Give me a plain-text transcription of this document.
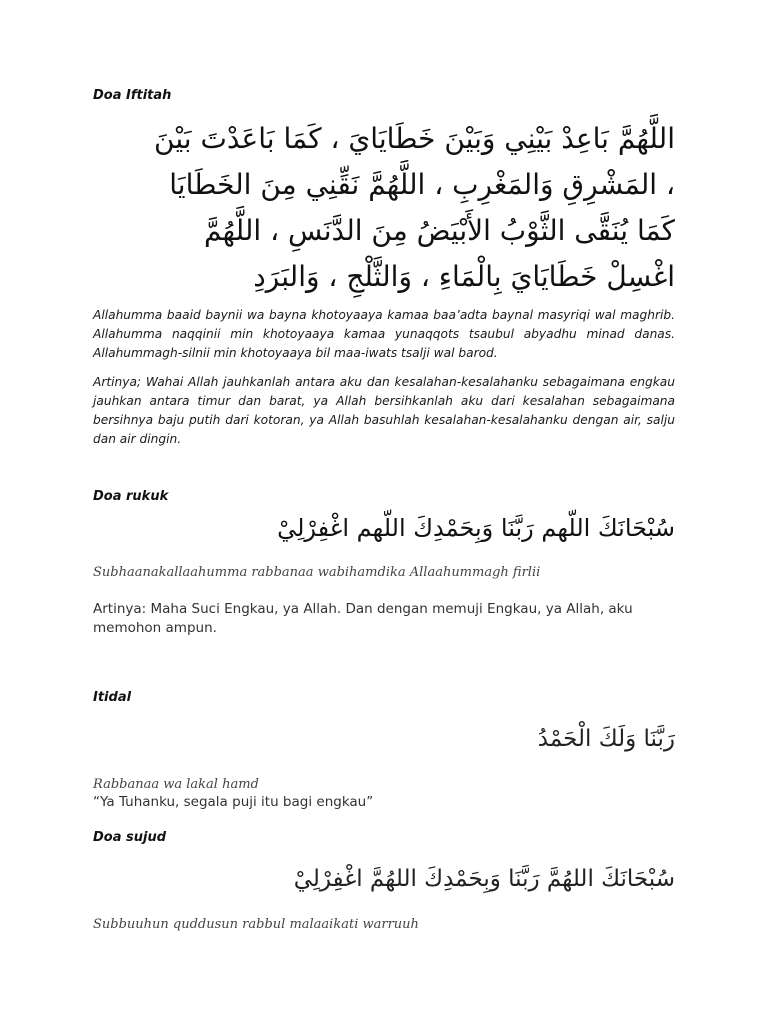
Doa Iftitah
اللَّهُمَّ بَاعِدْ بَيْنِي وَبَيْنَ خَطَايَايَ ، كَمَا بَاعَدْتَ بَيْنَ
، المَشْرِقِ وَالمَغْرِبِ ، اللَّهُمَّ نَقِّنِي مِنَ الخَطَايَا
كَمَا يُنَقَّى الثَّوْبُ الأَبْيَضُ مِنَ الدَّنَسِ ، اللَّهُمَّ
اغْسِلْ خَطَايَايَ بِالْمَاءِ ، وَالثَّلْجِ ، وَالبَرَدِ
Allahumma baaid baynii wa bayna khotoyaaya kamaa baa’adta baynal masyriqi wal maghrib. Allahumma naqqinii min khotoyaaya kamaa yunaqqots tsaubul abyadhu minad danas. Allahummagh-silnii min khotoyaaya bil maa-iwats tsalji wal barod.
Artinya; Wahai Allah jauhkanlah antara aku dan kesalahan-kesalahanku sebagaimana engkau jauhkan antara timur dan barat, ya Allah bersihkanlah aku dari kesalahan sebagaimana bersihnya baju putih dari kotoran, ya Allah basuhlah kesalahan-kesalahanku dengan air, salju dan air dingin.
Doa rukuk
سُبْحَانَكَ اللّهم رَبَّنَا وَبِحَمْدِكَ اللّهم اغْفِرْلِيْ
Subhaanakallaahumma rabbanaa wabihamdika Allaahummagh firlii
Artinya: Maha Suci Engkau, ya Allah. Dan dengan memuji Engkau, ya Allah, aku memohon ampun.
Itidal
رَبَّنَا وَلَكَ الْحَمْدُ
Rabbanaa wa lakal hamd
“Ya Tuhanku, segala puji itu bagi engkau”
Doa sujud
سُبْحَانَكَ اللهُمَّ رَبَّنَا وَبِحَمْدِكَ اللهُمَّ اغْفِرْلِيْ
Subbuuhun quddusun rabbul malaaikati warruuh
